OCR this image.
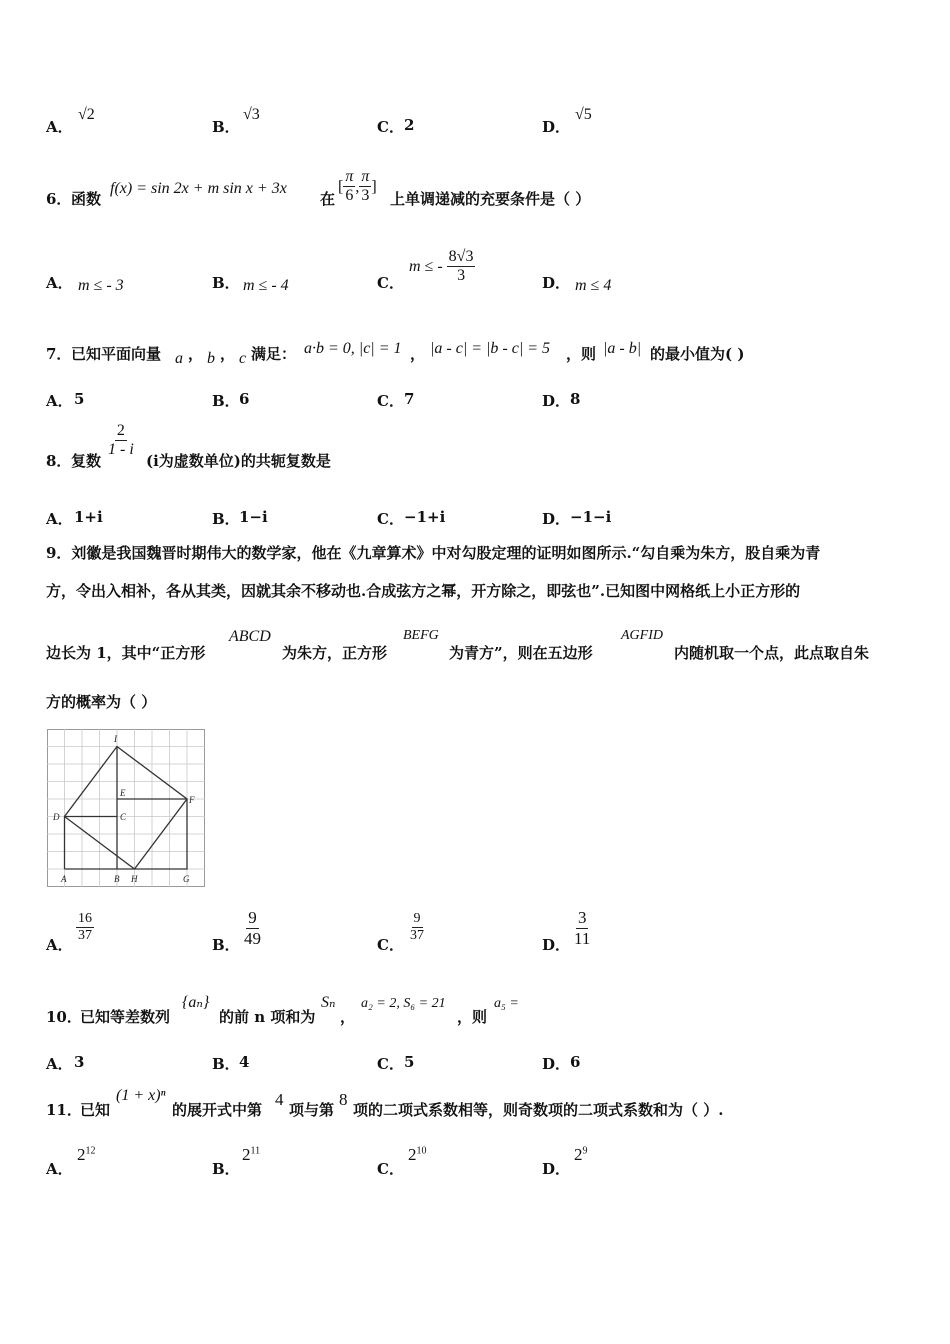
A．
√2
B．
√3
C． 2	D．
√5
6． 函数
f(x) = sin 2x + m sin x + 3x
在
[ $\frac{\pi}{6}$ , $\frac{\pi}{3}$ ]
上单调递减的充要条件是（ ）
A． m ≤ - 3	B． m ≤ - 4	C．
m ≤ - $\frac{8√3}{3}$	D． m ≤ 4
7． 已知平面向量 a ， b ， c 满足： a·b = 0, |c| = 1 ， |a - c| = |b - c| = 5 ，则 |a - b| 的最小值为( )
A． 5	B． 6	C． 7	D． 8
8． 复数
$\frac{2}{1 - i}$
(i为虚数单位)的共轭复数是
A． 1+i	B． 1−i	C． −1+i	D． −1−i
9．刘徽是我国魏晋时期伟大的数学家，他在《九章算术》中对勾股定理的证明如图所示.“勾自乘为朱方，股自乘为青
方，令出入相补，各从其类，因就其余不移动也.合成弦方之幂，开方除之，即弦也”.已知图中网格纸上小正方形的
边长为 1，其中“正方形
ABCD
为朱方，正方形
BEFG
为青方”，则在五边形
AGFID
内随机取一个点，此点取自朱
方的概率为（ ）
I
E
F
D	C
A	B H	G
A．
$\frac{16}{37}$
B． $\frac{9}{49}$	C．
$\frac{9}{37}$
D． $\frac{3}{11}$
10．
已知等差数列
{aₙ}
的前 n 项和为
Sₙ
，
a₂ = 2, S₆ = 21
，则
a₅ =
A． 3	B． 4	C． 5	D． 6
11．
已知
(1 + x)ⁿ
的展开式中第
4
项与第
8
项的二项式系数相等，则奇数项的二项式系数和为（ ）.
A．
$2^{12}$
B．
$2^{11}$
C．
$2^{10}$
D．
$2^9$
